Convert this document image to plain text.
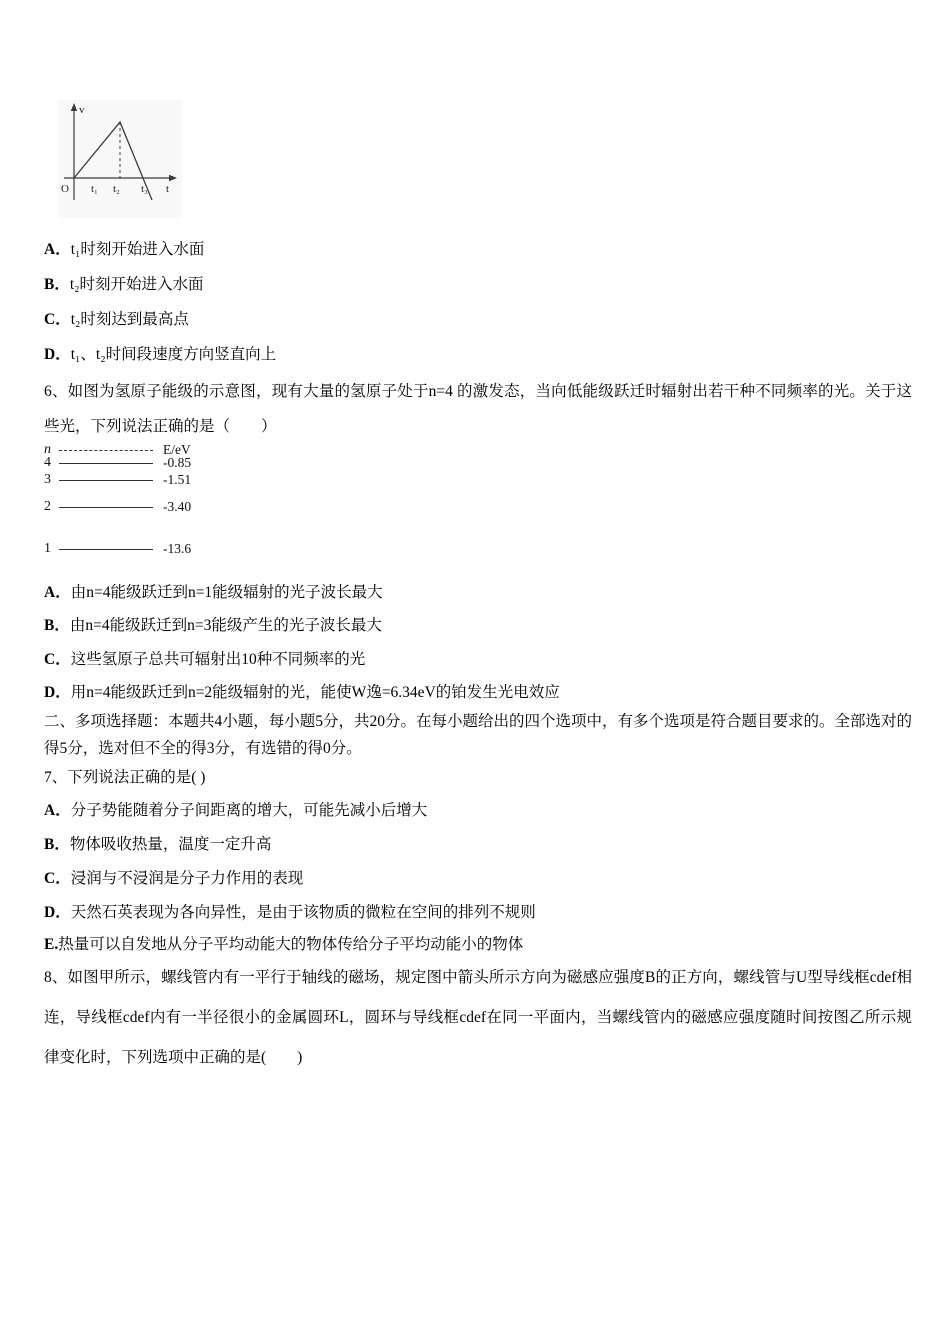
v
t
O t₁ t₂ t₃
A．t₁时刻开始进入水面
B．t₂时刻开始进入水面
C．t₂时刻达到最高点
D．t₁、t₂时间段速度方向竖直向上

6、如图为氢原子能级的示意图，现有大量的氢原子处于n=4 的激发态，当向低能级跃迁时辐射出若干种不同频率的光。关于这些光，下列说法正确的是（　　）

n	E/eV
4	-0.85
3	-1.51
2	-3.40
1	-13.6
A．由n=4能级跃迁到n=1能级辐射的光子波长最大
B．由n=4能级跃迁到n=3能级产生的光子波长最大
C．这些氢原子总共可辐射出10种不同频率的光
D．用n=4能级跃迁到n=2能级辐射的光，能使W逸=6.34eV的铂发生光电效应

二、多项选择题：本题共4小题，每小题5分，共20分。在每小题给出的四个选项中，有多个选项是符合题目要求的。全部选对的得5分，选对但不全的得3分，有选错的得0分。

7、下列说法正确的是( )
A．分子势能随着分子间距离的增大，可能先减小后增大
B．物体吸收热量，温度一定升高
C．浸润与不浸润是分子力作用的表现
D．天然石英表现为各向异性，是由于该物质的微粒在空间的排列不规则
E.热量可以自发地从分子平均动能大的物体传给分子平均动能小的物体

8、如图甲所示，螺线管内有一平行于轴线的磁场，规定图中箭头所示方向为磁感应强度B的正方向，螺线管与U型导线框cdef相连，导线框cdef内有一半径很小的金属圆环L，圆环与导线框cdef在同一平面内，当螺线管内的磁感应强度随时间按图乙所示规律变化时，下列选项中正确的是(　　)
